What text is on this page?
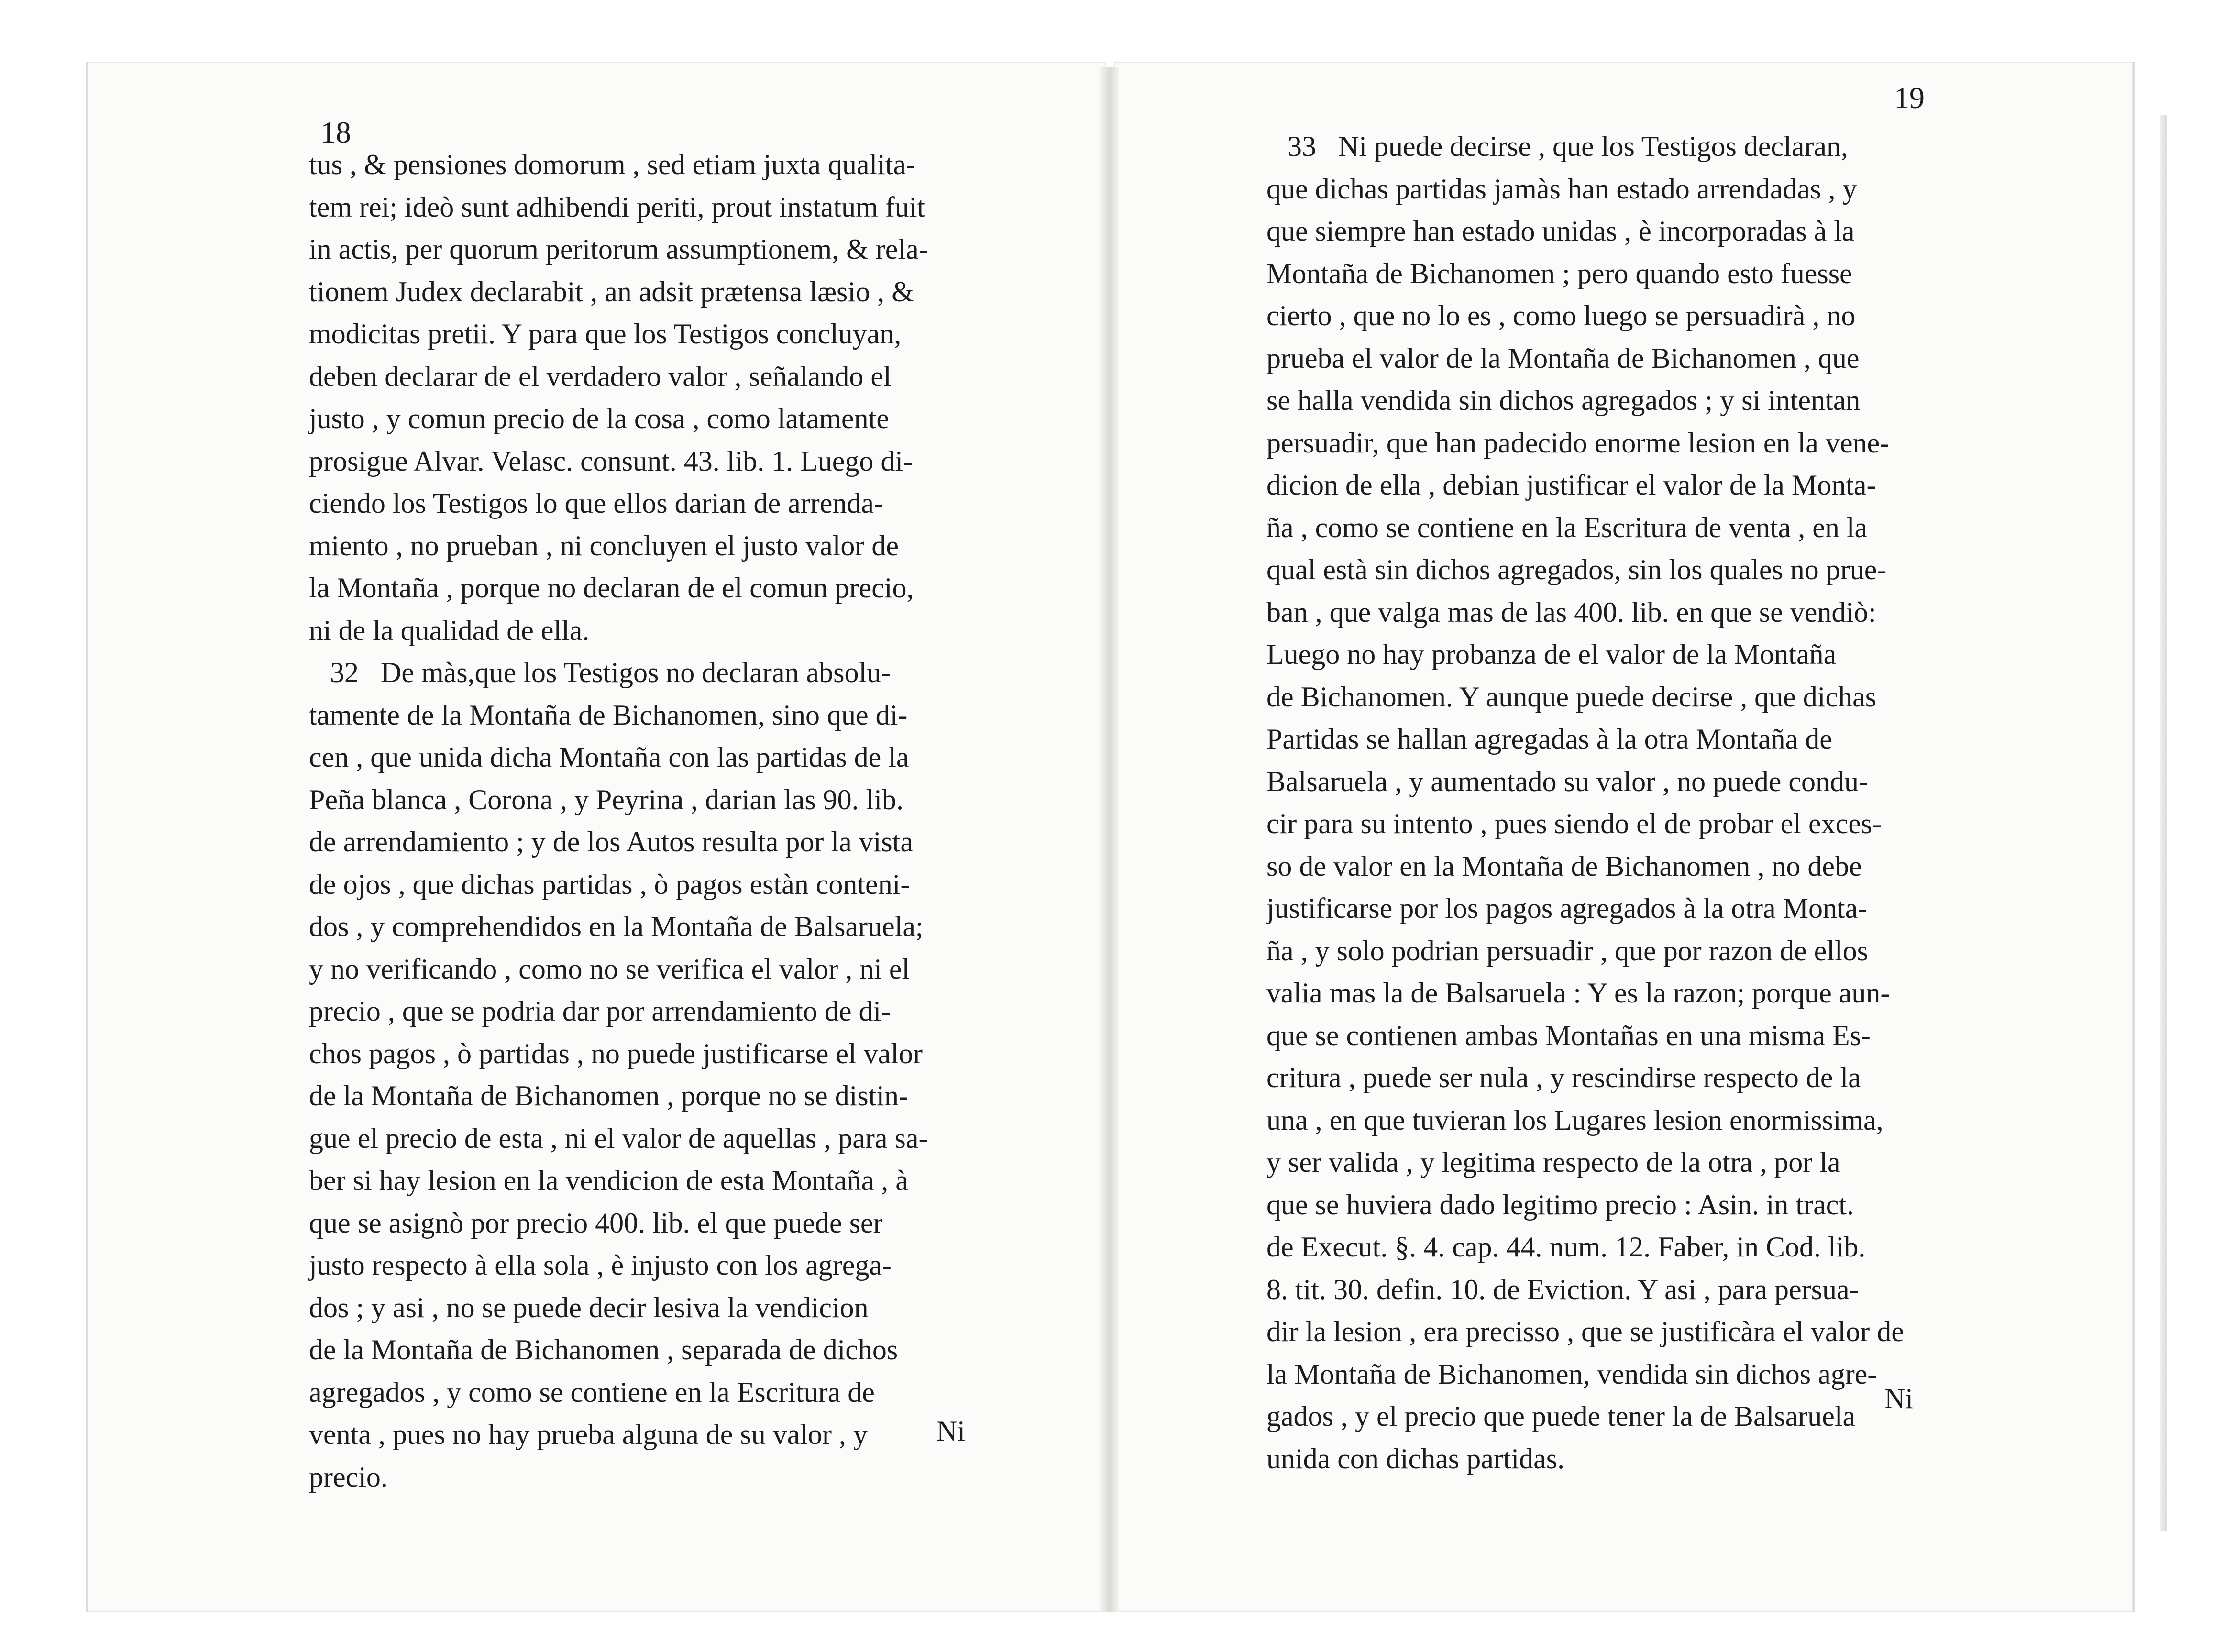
18
19
tus , & pensiones domorum , sed etiam juxta qualita-
tem rei; ideò sunt adhibendi periti, prout instatum fuit
in actis, per quorum peritorum assumptionem, & rela-
tionem Judex declarabit , an adsit prætensa læsio , &
modicitas pretii. Y para que los Testigos concluyan,
deben declarar de el verdadero valor , señalando el
justo , y comun precio de la cosa , como latamente
prosigue Alvar. Velasc. consunt. 43. lib. 1. Luego di-
ciendo los Testigos lo que ellos darian de arrenda-
miento , no prueban , ni concluyen el justo valor de
la Montaña , porque no declaran de el comun precio,
ni de la qualidad de ella.
32 De màs,que los Testigos no declaran absolu-
tamente de la Montaña de Bichanomen, sino que di-
cen , que unida dicha Montaña con las partidas de la
Peña blanca , Corona , y Peyrina , darian las 90. lib.
de arrendamiento ; y de los Autos resulta por la vista
de ojos , que dichas partidas , ò pagos estàn conteni-
dos , y comprehendidos en la Montaña de Balsaruela;
y no verificando , como no se verifica el valor , ni el
precio , que se podria dar por arrendamiento de di-
chos pagos , ò partidas , no puede justificarse el valor
de la Montaña de Bichanomen , porque no se distin-
gue el precio de esta , ni el valor de aquellas , para sa-
ber si hay lesion en la vendicion de esta Montaña , à
que se asignò por precio 400. lib. el que puede ser
justo respecto à ella sola , è injusto con los agrega-
dos ; y asi , no se puede decir lesiva la vendicion
de la Montaña de Bichanomen , separada de dichos
agregados , y como se contiene en la Escritura de
venta , pues no hay prueba alguna de su valor , y
precio.
33 Ni puede decirse , que los Testigos declaran,
que dichas partidas jamàs han estado arrendadas , y
que siempre han estado unidas , è incorporadas à la
Montaña de Bichanomen ; pero quando esto fuesse
cierto , que no lo es , como luego se persuadirà , no
prueba el valor de la Montaña de Bichanomen , que
se halla vendida sin dichos agregados ; y si intentan
persuadir, que han padecido enorme lesion en la vene-
dicion de ella , debian justificar el valor de la Monta-
ña , como se contiene en la Escritura de venta , en la
qual està sin dichos agregados, sin los quales no prue-
ban , que valga mas de las 400. lib. en que se vendiò:
Luego no hay probanza de el valor de la Montaña
de Bichanomen. Y aunque puede decirse , que dichas
Partidas se hallan agregadas à la otra Montaña de
Balsaruela , y aumentado su valor , no puede condu-
cir para su intento , pues siendo el de probar el exces-
so de valor en la Montaña de Bichanomen , no debe
justificarse por los pagos agregados à la otra Monta-
ña , y solo podrian persuadir , que por razon de ellos
valia mas la de Balsaruela : Y es la razon; porque aun-
que se contienen ambas Montañas en una misma Es-
critura , puede ser nula , y rescindirse respecto de la
una , en que tuvieran los Lugares lesion enormissima,
y ser valida , y legitima respecto de la otra , por la
que se huviera dado legitimo precio : Asin. in tract.
de Execut. §. 4. cap. 44. num. 12. Faber, in Cod. lib.
8. tit. 30. defin. 10. de Eviction. Y asi , para persua-
dir la lesion , era precisso , que se justificàra el valor de
la Montaña de Bichanomen, vendida sin dichos agre-
gados , y el precio que puede tener la de Balsaruela
unida con dichas partidas.
Ni
Ni
